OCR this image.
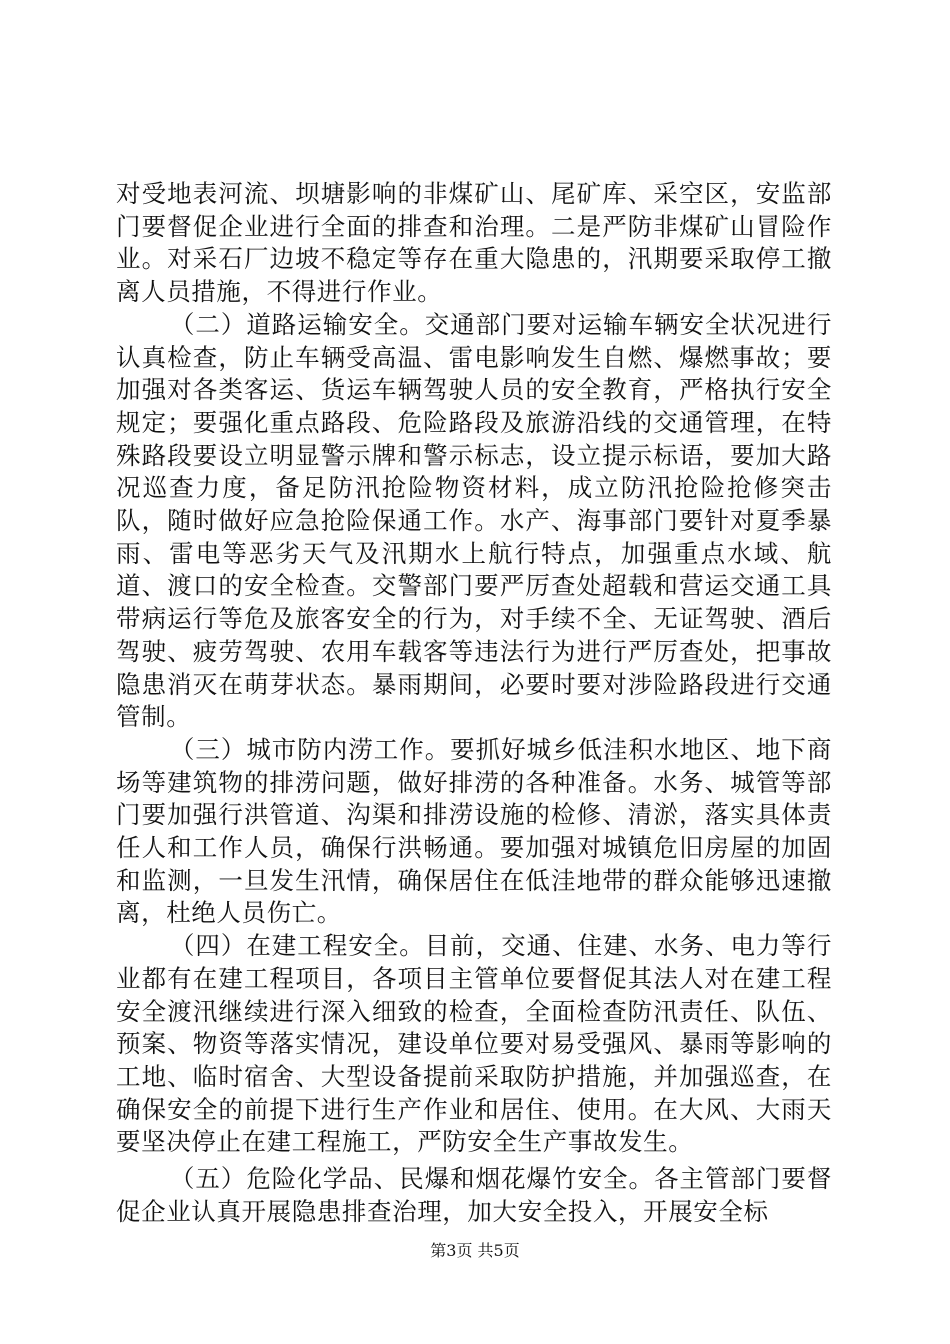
对受地表河流、坝塘影响的非煤矿山、尾矿库、采空区，安监部门要督促企业进行全面的排查和治理。二是严防非煤矿山冒险作业。对采石厂边坡不稳定等存在重大隐患的，汛期要采取停工撤离人员措施，不得进行作业。

（二）道路运输安全。交通部门要对运输车辆安全状况进行认真检查，防止车辆受高温、雷电影响发生自燃、爆燃事故；要加强对各类客运、货运车辆驾驶人员的安全教育，严格执行安全规定；要强化重点路段、危险路段及旅游沿线的交通管理，在特殊路段要设立明显警示牌和警示标志，设立提示标语，要加大路况巡查力度，备足防汛抢险物资材料，成立防汛抢险抢修突击队，随时做好应急抢险保通工作。水产、海事部门要针对夏季暴雨、雷电等恶劣天气及汛期水上航行特点，加强重点水域、航道、渡口的安全检查。交警部门要严厉查处超载和营运交通工具带病运行等危及旅客安全的行为，对手续不全、无证驾驶、酒后驾驶、疲劳驾驶、农用车载客等违法行为进行严厉查处，把事故隐患消灭在萌芽状态。暴雨期间，必要时要对涉险路段进行交通管制。

（三）城市防内涝工作。要抓好城乡低洼积水地区、地下商场等建筑物的排涝问题，做好排涝的各种准备。水务、城管等部门要加强行洪管道、沟渠和排涝设施的检修、清淤，落实具体责任人和工作人员，确保行洪畅通。要加强对城镇危旧房屋的加固和监测，一旦发生汛情，确保居住在低洼地带的群众能够迅速撤离，杜绝人员伤亡。

（四）在建工程安全。目前，交通、住建、水务、电力等行业都有在建工程项目，各项目主管单位要督促其法人对在建工程安全渡汛继续进行深入细致的检查，全面检查防汛责任、队伍、预案、物资等落实情况，建设单位要对易受强风、暴雨等影响的工地、临时宿舍、大型设备提前采取防护措施，并加强巡查，在确保安全的前提下进行生产作业和居住、使用。在大风、大雨天要坚决停止在建工程施工，严防安全生产事故发生。

（五）危险化学品、民爆和烟花爆竹安全。各主管部门要督促企业认真开展隐患排查治理，加大安全投入，开展安全标

第3页 共5页
